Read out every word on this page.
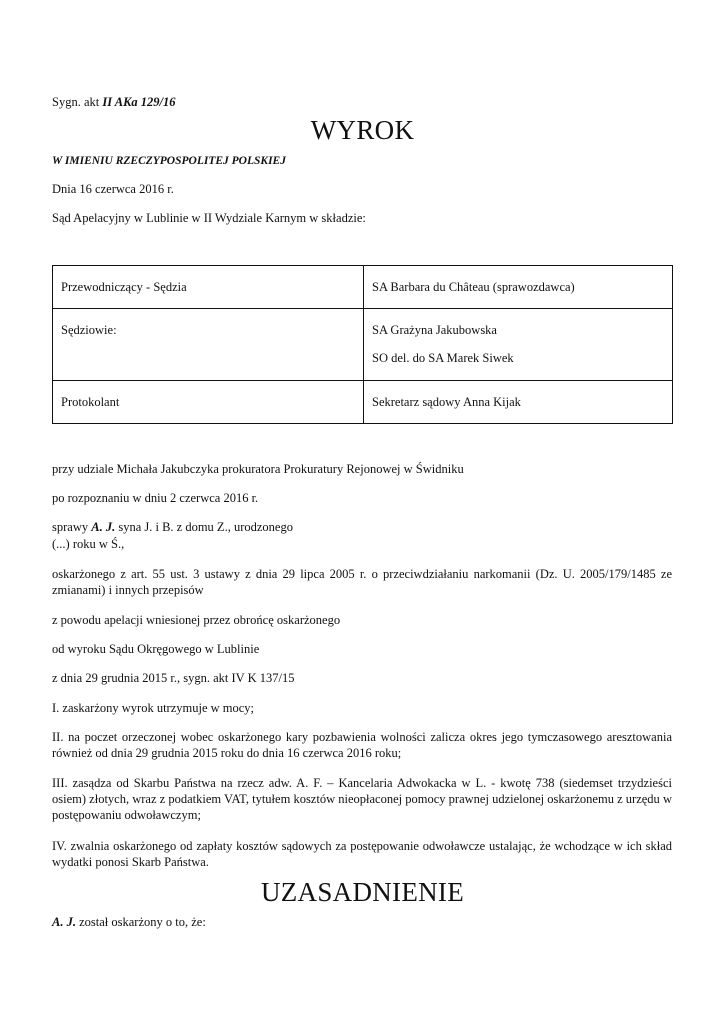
Sygn. akt II AKa 129/16
WYROK
W IMIENIU RZECZYPOSPOLITEJ POLSKIEJ
Dnia 16 czerwca 2016 r.
Sąd Apelacyjny w Lublinie w II Wydziale Karnym w składzie:
Przewodniczący - Sędzia	SA Barbara du Château (sprawozdawca)
Sędziowie:	SA Grażyna Jakubowska
SO del. do SA Marek Siwek

Protokolant	Sekretarz sądowy Anna Kijak
przy udziale Michała Jakubczyka prokuratora Prokuratury Rejonowej w Świdniku
po rozpoznaniu w dniu 2 czerwca 2016 r.
sprawy A. J. syna J. i B. z domu Z., urodzonego
(...) roku w Ś.,
oskarżonego z art. 55 ust. 3 ustawy z dnia 29 lipca 2005 r. o przeciwdziałaniu narkomanii (Dz. U. 2005/179/1485 ze zmianami) i innych przepisów
z powodu apelacji wniesionej przez obrońcę oskarżonego
od wyroku Sądu Okręgowego w Lublinie
z dnia 29 grudnia 2015 r., sygn. akt IV K 137/15
I. zaskarżony wyrok utrzymuje w mocy;
II. na poczet orzeczonej wobec oskarżonego kary pozbawienia wolności zalicza okres jego tymczasowego aresztowania również od dnia 29 grudnia 2015 roku do dnia 16 czerwca 2016 roku;
III. zasądza od Skarbu Państwa na rzecz adw. A. F. – Kancelaria Adwokacka w L. - kwotę 738 (siedemset trzydzieści osiem) złotych, wraz z podatkiem VAT, tytułem kosztów nieopłaconej pomocy prawnej udzielonej oskarżonemu z urzędu w postępowaniu odwoławczym;
IV. zwalnia oskarżonego od zapłaty kosztów sądowych za postępowanie odwoławcze ustalając, że wchodzące w ich skład wydatki ponosi Skarb Państwa.
UZASADNIENIE
A. J. został oskarżony o to, że:
